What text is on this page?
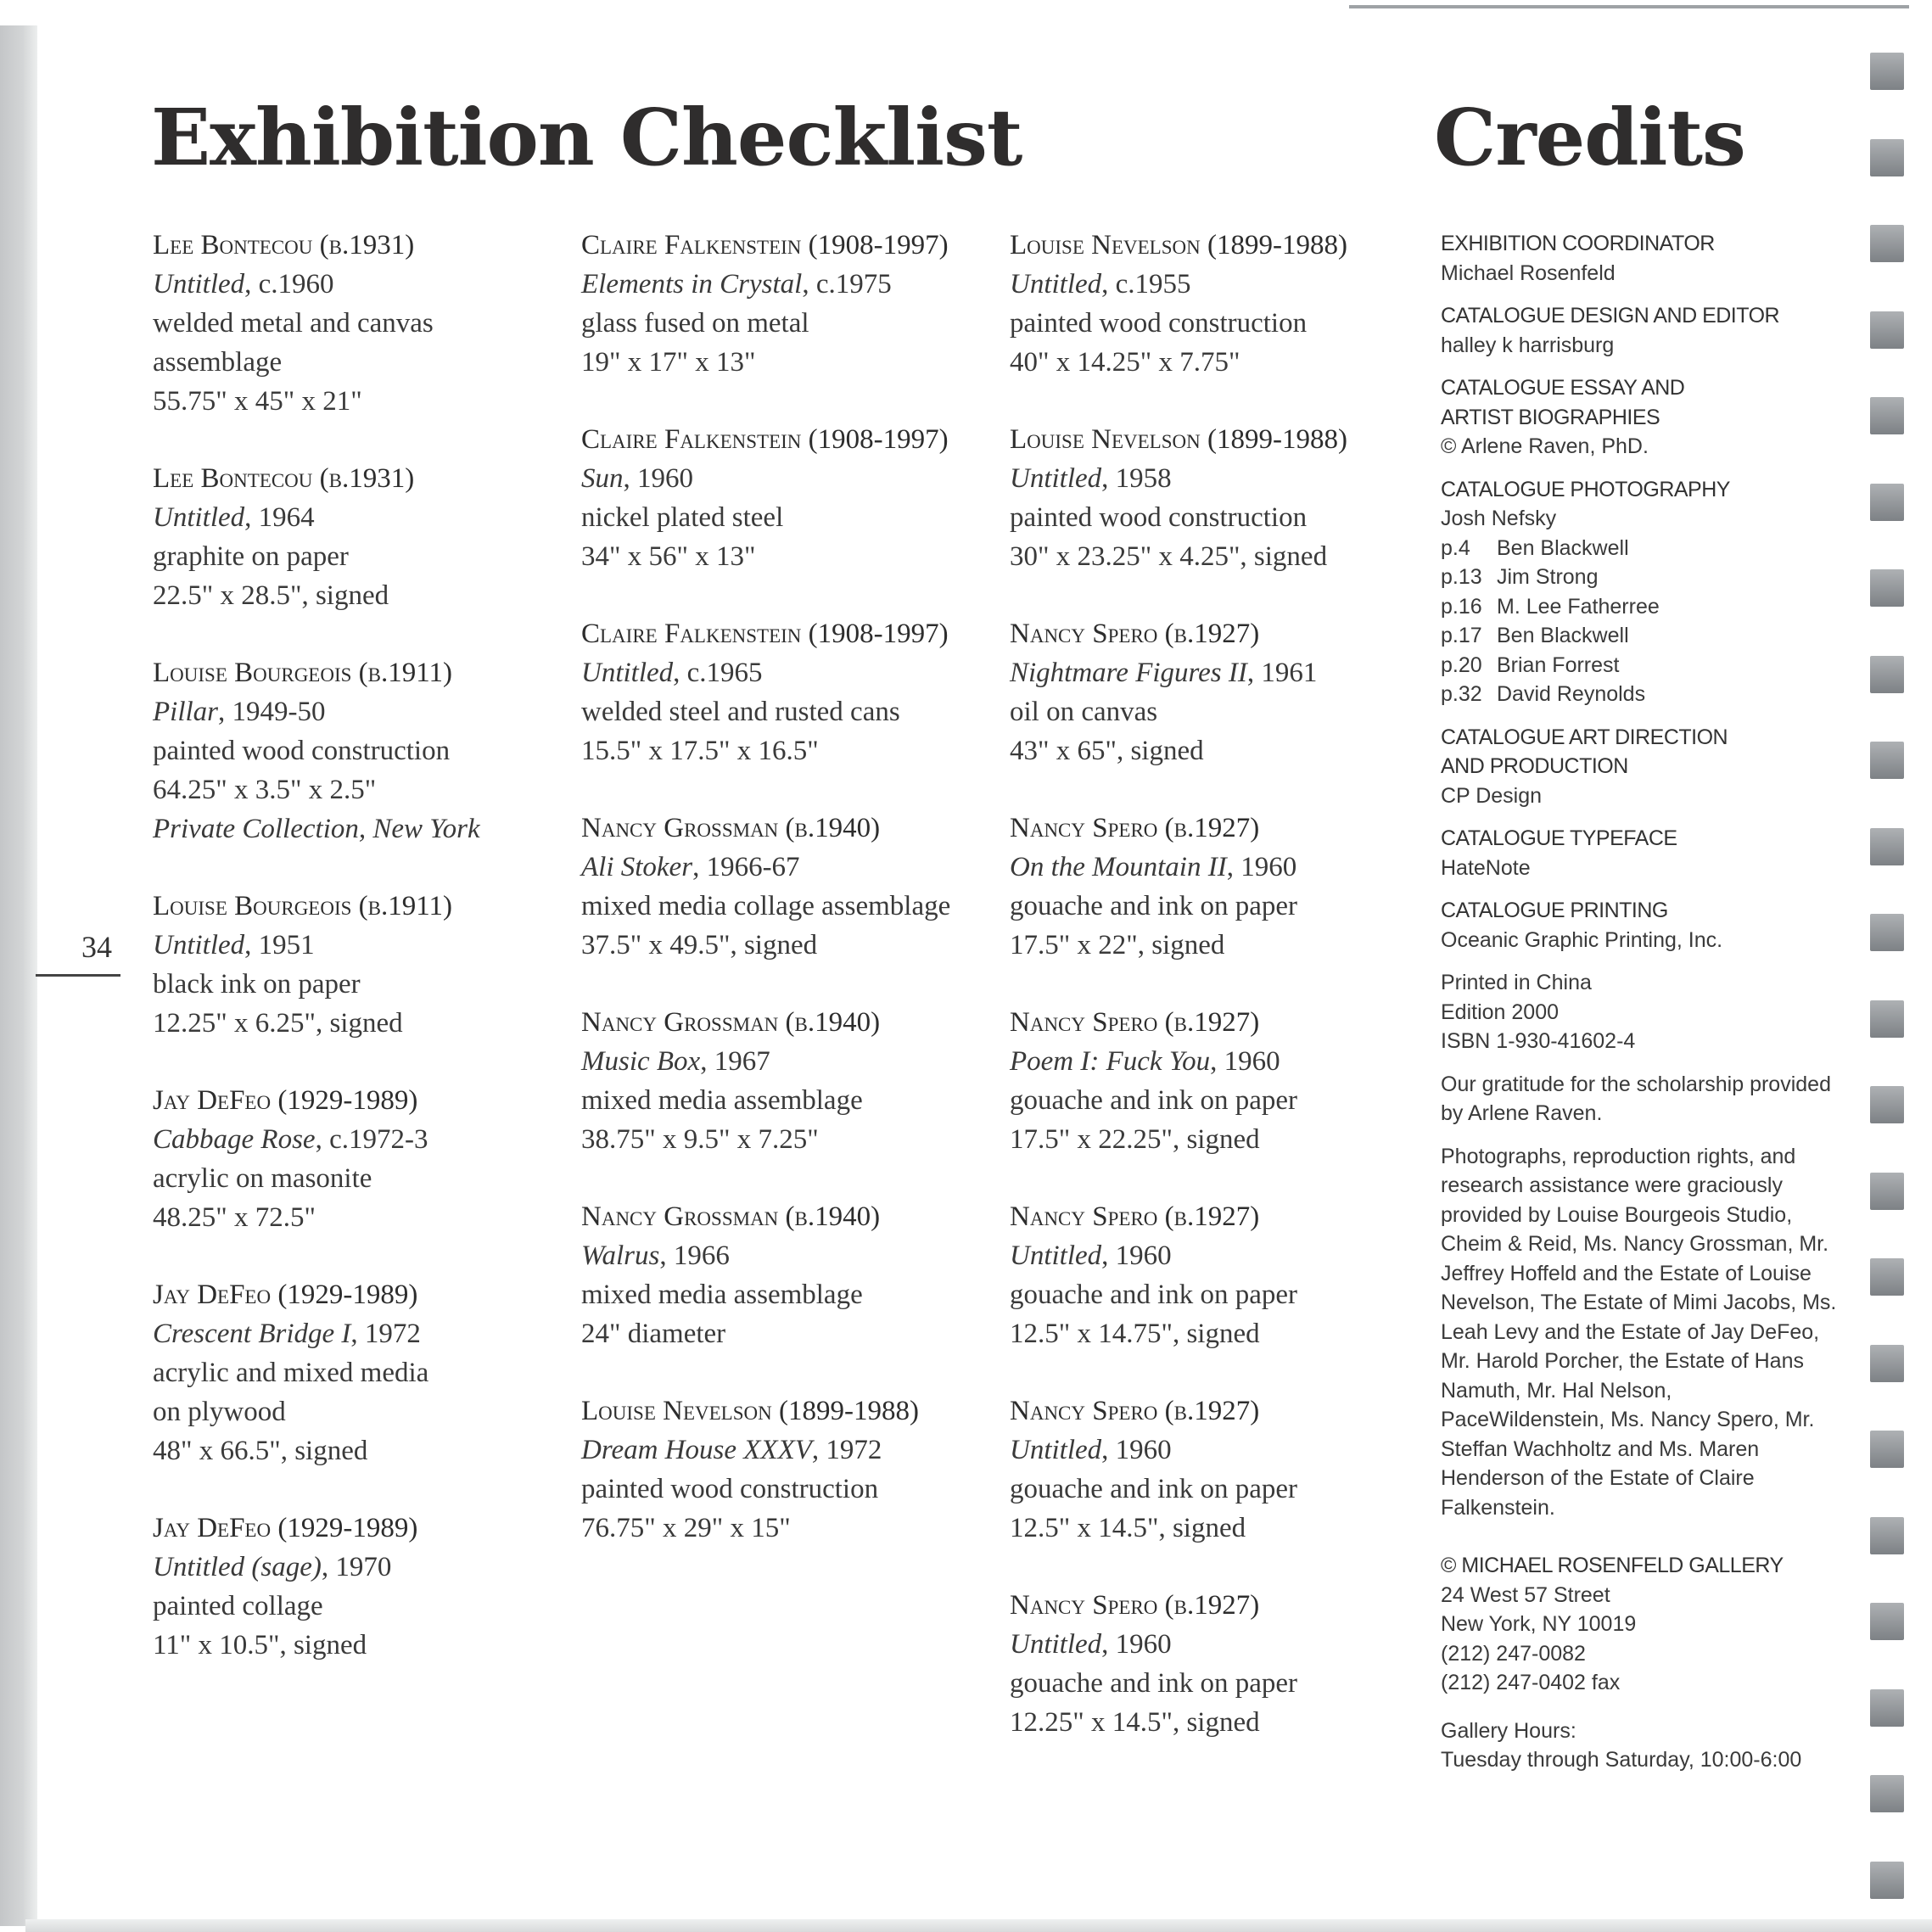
Exhibition Checklist	Credits
34
Lee Bontecou (b.1931)
Untitled, c.1960
welded metal and canvas
assemblage
55.75" x 45" x 21"
Lee Bontecou (b.1931)
Untitled, 1964
graphite on paper
22.5" x 28.5", signed
Louise Bourgeois (b.1911)
Pillar, 1949-50
painted wood construction
64.25" x 3.5" x 2.5"
Private Collection, New York
Louise Bourgeois (b.1911)
Untitled, 1951
black ink on paper
12.25" x 6.25", signed
Jay DeFeo (1929-1989)
Cabbage Rose, c.1972-3
acrylic on masonite
48.25" x 72.5"
Jay DeFeo (1929-1989)
Crescent Bridge I, 1972
acrylic and mixed media
on plywood
48" x 66.5", signed
Jay DeFeo (1929-1989)
Untitled (sage), 1970
painted collage
11" x 10.5", signed
Claire Falkenstein (1908-1997)
Elements in Crystal, c.1975
glass fused on metal
19" x 17" x 13"
Claire Falkenstein (1908-1997)
Sun, 1960
nickel plated steel
34" x 56" x 13"
Claire Falkenstein (1908-1997)
Untitled, c.1965
welded steel and rusted cans
15.5" x 17.5" x 16.5"
Nancy Grossman (b.1940)
Ali Stoker, 1966-67
mixed media collage assemblage
37.5" x 49.5", signed
Nancy Grossman (b.1940)
Music Box, 1967
mixed media assemblage
38.75" x 9.5" x 7.25"
Nancy Grossman (b.1940)
Walrus, 1966
mixed media assemblage
24" diameter
Louise Nevelson (1899-1988)
Dream House XXXV, 1972
painted wood construction
76.75" x 29" x 15"
Louise Nevelson (1899-1988)
Untitled, c.1955
painted wood construction
40" x 14.25" x 7.75"
Louise Nevelson (1899-1988)
Untitled, 1958
painted wood construction
30" x 23.25" x 4.25", signed
Nancy Spero (b.1927)
Nightmare Figures II, 1961
oil on canvas
43" x 65", signed
Nancy Spero (b.1927)
On the Mountain II, 1960
gouache and ink on paper
17.5" x 22", signed
Nancy Spero (b.1927)
Poem I: Fuck You, 1960
gouache and ink on paper
17.5" x 22.25", signed
Nancy Spero (b.1927)
Untitled, 1960
gouache and ink on paper
12.5" x 14.75", signed
Nancy Spero (b.1927)
Untitled, 1960
gouache and ink on paper
12.5" x 14.5", signed
Nancy Spero (b.1927)
Untitled, 1960
gouache and ink on paper
12.25" x 14.5", signed
EXHIBITION COORDINATOR
Michael Rosenfeld
CATALOGUE DESIGN AND EDITOR
halley k harrisburg
CATALOGUE ESSAY AND
ARTIST BIOGRAPHIES
© Arlene Raven, PhD.
CATALOGUE PHOTOGRAPHY
Josh Nefsky
p.4 Ben Blackwell
p.13 Jim Strong
p.16 M. Lee Fatherree
p.17 Ben Blackwell
p.20 Brian Forrest
p.32 David Reynolds
CATALOGUE ART DIRECTION
AND PRODUCTION
CP Design
CATALOGUE TYPEFACE
HateNote
CATALOGUE PRINTING
Oceanic Graphic Printing, Inc.
Printed in China
Edition 2000
ISBN 1-930-41602-4
Our gratitude for the scholarship provided by Arlene Raven.
Photographs, reproduction rights, and research assistance were graciously provided by Louise Bourgeois Studio, Cheim & Reid, Ms. Nancy Grossman, Mr. Jeffrey Hoffeld and the Estate of Louise Nevelson, The Estate of Mimi Jacobs, Ms. Leah Levy and the Estate of Jay DeFeo, Mr. Harold Porcher, the Estate of Hans Namuth, Mr. Hal Nelson, PaceWildenstein, Ms. Nancy Spero, Mr. Steffan Wachholtz and Ms. Maren Henderson of the Estate of Claire Falkenstein.
© MICHAEL ROSENFELD GALLERY
24 West 57 Street
New York, NY 10019
(212) 247-0082
(212) 247-0402 fax
Gallery Hours:
Tuesday through Saturday, 10:00-6:00
